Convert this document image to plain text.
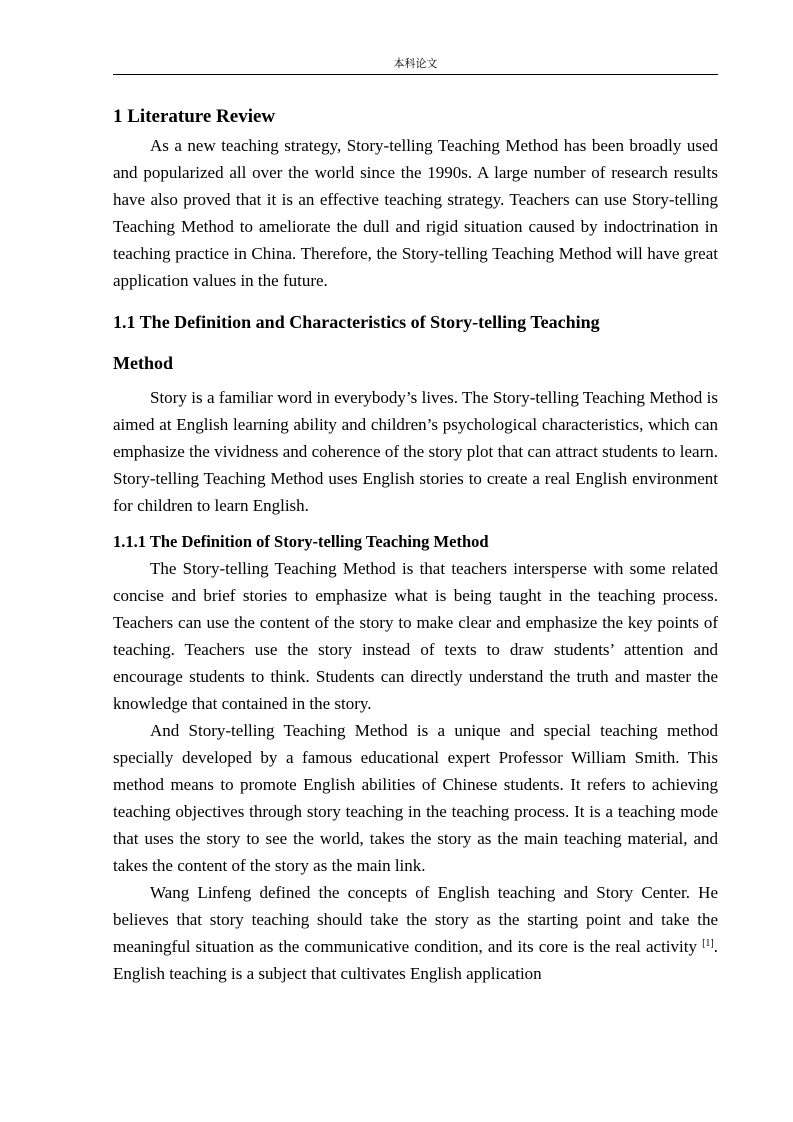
本科论文
1 Literature Review

As a new teaching strategy, Story-telling Teaching Method has been broadly used and popularized all over the world since the 1990s. A large number of research results have also proved that it is an effective teaching strategy. Teachers can use Story-telling Teaching Method to ameliorate the dull and rigid situation caused by indoctrination in teaching practice in China. Therefore, the Story-telling Teaching Method will have great application values in the future.

1.1 The Definition and Characteristics of Story-telling Teaching
Method

Story is a familiar word in everybody’s lives. The Story-telling Teaching Method is aimed at English learning ability and children’s psychological characteristics, which can emphasize the vividness and coherence of the story plot that can attract students to learn. Story-telling Teaching Method uses English stories to create a real English environment for children to learn English.

1.1.1 The Definition of Story-telling Teaching Method

The Story-telling Teaching Method is that teachers intersperse with some related concise and brief stories to emphasize what is being taught in the teaching process. Teachers can use the content of the story to make clear and emphasize the key points of teaching. Teachers use the story instead of texts to draw students’ attention and encourage students to think. Students can directly understand the truth and master the knowledge that contained in the story.

And Story-telling Teaching Method is a unique and special teaching method specially developed by a famous educational expert Professor William Smith. This method means to promote English abilities of Chinese students. It refers to achieving teaching objectives through story teaching in the teaching process. It is a teaching mode that uses the story to see the world, takes the story as the main teaching material, and takes the content of the story as the main link.

Wang Linfeng defined the concepts of English teaching and Story Center. He believes that story teaching should take the story as the starting point and take the meaningful situation as the communicative condition, and its core is the real activity [1]. English teaching is a subject that cultivates English application
